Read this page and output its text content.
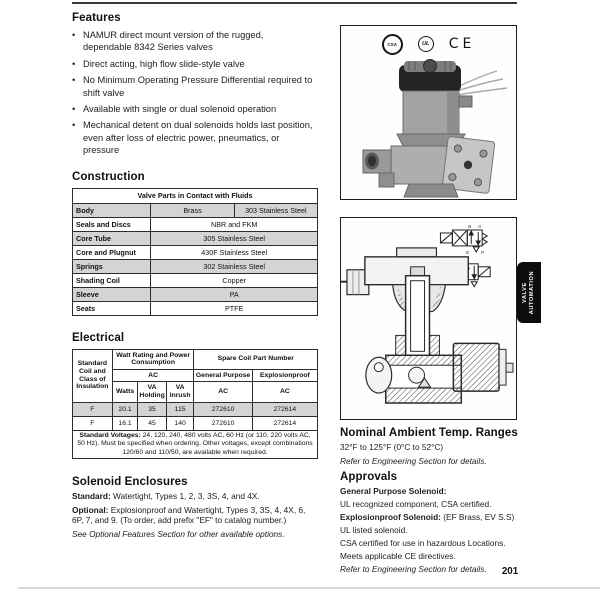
Features
• NAMUR direct mount version of the rugged, dependable 8342 Series valves
• Direct acting, high flow slide-style valve
• No Minimum Operating Pressure Differential required to shift valve
• Available with single or dual solenoid operation
• Mechanical detent on dual solenoids holds last position, even after loss of electric power, pneumatics, or pressure
Construction
Valve Parts in Contact with Fluids		
Body	Brass	303 Stainless Steel
Seals and Discs	NBR and FKM	
Core Tube	305 Stainless Steel	
Core and Plugnut	430F Stainless Steel	
Springs	302 Stainless Steel	
Shading Coil	Copper	
Sleeve	PA	
Seats	PTFE	
Electrical
Standard Coil and Class of Insulation	Watt Rating and Power Consumption			Spare Coil Part Number	
	AC			General Purpose	Explosionproof
	Watts	VA Holding	VA Inrush	AC	AC
F	20.1	35	115	272610	272614
F	16.1	45	140	272610	272614
Standard Voltages: 24, 120, 240, 480 volts AC, 60 Hz (or 110, 220 volts AC, 50 Hz). Must be specified when ordering. Other voltages, except combinations 120/60 and 110/50, are available when required.					
Solenoid Enclosures

Standard: Watertight, Types 1, 2, 3, 3S, 4, and 4X.

Optional: Explosionproof and Watertight, Types 3, 3S, 4, 4X, 6, 6P, 7, and 9. (To order, add prefix "EF" to catalog number.)

See Optional Features Section for other available options.

CSA	UL	CE
B A
E	P
VALVE AUTOMATION
Nominal Ambient Temp. Ranges

32°F to 125°F (0°C to 52°C)

Refer to Engineering Section for details.

Approvals

General Purpose Solenoid:

UL recognized component, CSA certified.

Explosionproof Solenoid: (EF Brass, EV S.S)

UL listed solenoid.

CSA certified for use in hazardous Locations.

Meets applicable CE directives.

Refer to Engineering Section for details.	201
